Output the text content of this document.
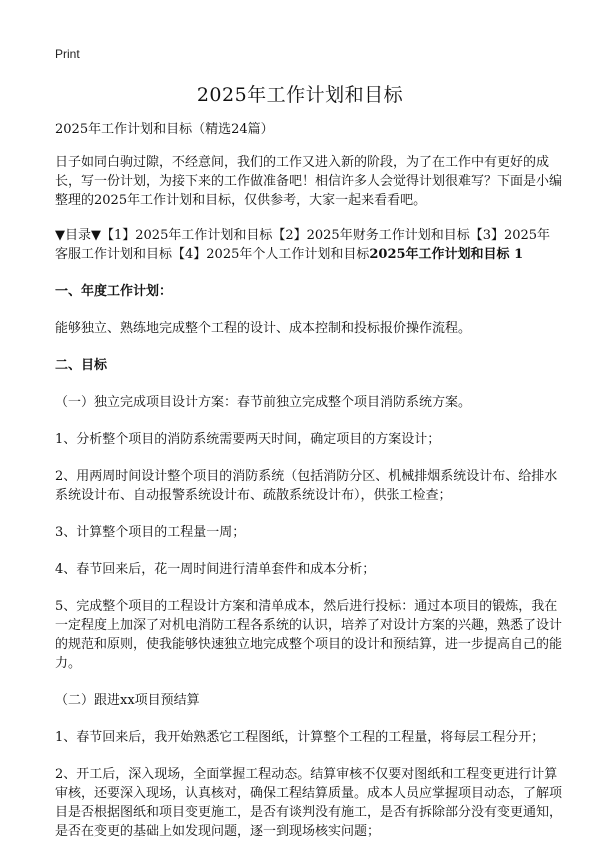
Print
2025年工作计划和目标

2025年工作计划和目标（精选24篇）

日子如同白驹过隙，不经意间，我们的工作又进入新的阶段，为了在工作中有更好的成长，写一份计划，为接下来的工作做准备吧！相信许多人会觉得计划很难写？下面是小编整理的2025年工作计划和目标，仅供参考，大家一起来看看吧。

▼目录▼【1】2025年工作计划和目标【2】2025年财务工作计划和目标【3】2025年客服工作计划和目标【4】2025年个人工作计划和目标2025年工作计划和目标 1

一、年度工作计划：

能够独立、熟练地完成整个工程的设计、成本控制和投标报价操作流程。

二、目标

（一）独立完成项目设计方案：春节前独立完成整个项目消防系统方案。

1、分析整个项目的消防系统需要两天时间，确定项目的方案设计；

2、用两周时间设计整个项目的消防系统（包括消防分区、机械排烟系统设计布、给排水系统设计布、自动报警系统设计布、疏散系统设计布），供张工检查；

3、计算整个项目的工程量一周；

4、春节回来后，花一周时间进行清单套件和成本分析；

5、完成整个项目的工程设计方案和清单成本，然后进行投标：通过本项目的锻炼，我在一定程度上加深了对机电消防工程各系统的认识，培养了对设计方案的兴趣，熟悉了设计的规范和原则，使我能够快速独立地完成整个项目的设计和预结算，进一步提高自己的能力。

（二）跟进xx项目预结算

1、春节回来后，我开始熟悉它工程图纸，计算整个工程的工程量，将每层工程分开；

2、开工后，深入现场，全面掌握工程动态。结算审核不仅要对图纸和工程变更进行计算审核，还要深入现场，认真核对，确保工程结算质量。成本人员应掌握项目动态，了解项目是否根据图纸和项目变更施工，是否有谈判没有施工，是否有拆除部分没有变更通知，是否在变更的基础上如发现问题，逐一到现场核实问题；
